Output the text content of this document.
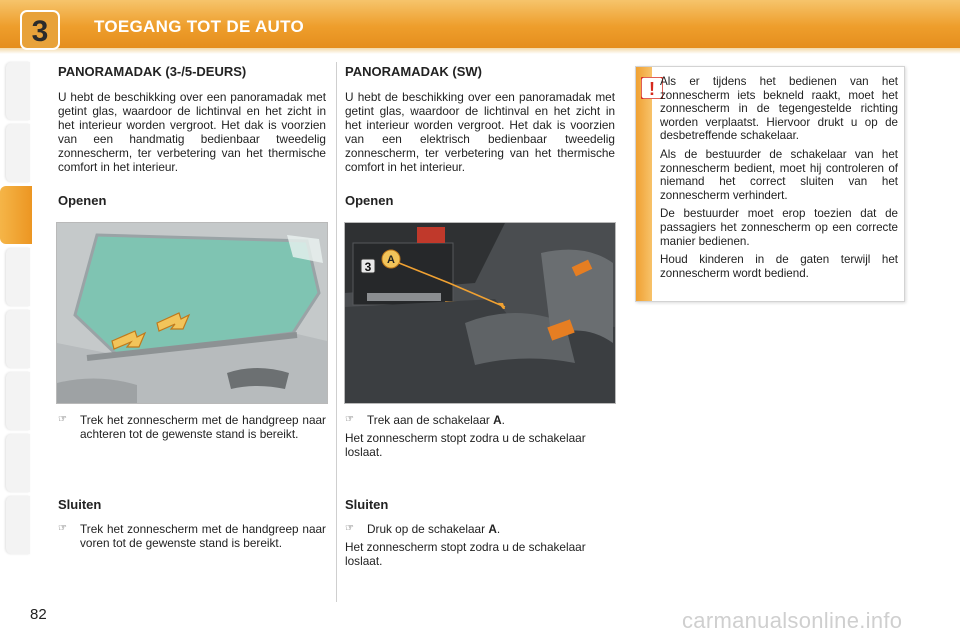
3	TOEGANG TOT DE AUTO
PANORAMADAK (3-/5-DEURS)

U hebt de beschikking over een panoramadak met getint glas, waardoor de lichtinval en het zicht in het interieur worden vergroot. Het dak is voorzien van een handmatig bedienbaar tweedelig zonnescherm, ter verbetering van het thermische comfort in het interieur.

Openen
☞	Trek het zonnescherm met de handgreep naar achteren tot de gewenste stand is bereikt.
Sluiten
☞	Trek het zonnescherm met de handgreep naar voren tot de gewenste stand is bereikt.
PANORAMADAK (SW)

U hebt de beschikking over een panoramadak met getint glas, waardoor de lichtinval en het zicht in het interieur worden vergroot. Het dak is voorzien van een elektrisch bedienbaar tweedelig zonnescherm, ter verbetering van het thermische comfort in het interieur.

Openen
3 A
☞	Trek aan de schakelaar A.

Het zonnescherm stopt zodra u de schakelaar loslaat.

Sluiten
☞	Druk op de schakelaar A.

Het zonnescherm stopt zodra u de schakelaar loslaat.

! Als er tijdens het bedienen van het zonnescherm iets bekneld raakt, moet het zonnescherm in de tegengestelde richting worden verplaatst. Hiervoor drukt u op de desbetreffende schakelaar.

Als de bestuurder de schakelaar van het zonnescherm bedient, moet hij controleren of niemand het correct sluiten van het zonnescherm verhindert.

De bestuurder moet erop toezien dat de passagiers het zonnescherm op een correcte manier bedienen.

Houd kinderen in de gaten terwijl het zonnescherm wordt bediend.

82	carmanualsonline.info
